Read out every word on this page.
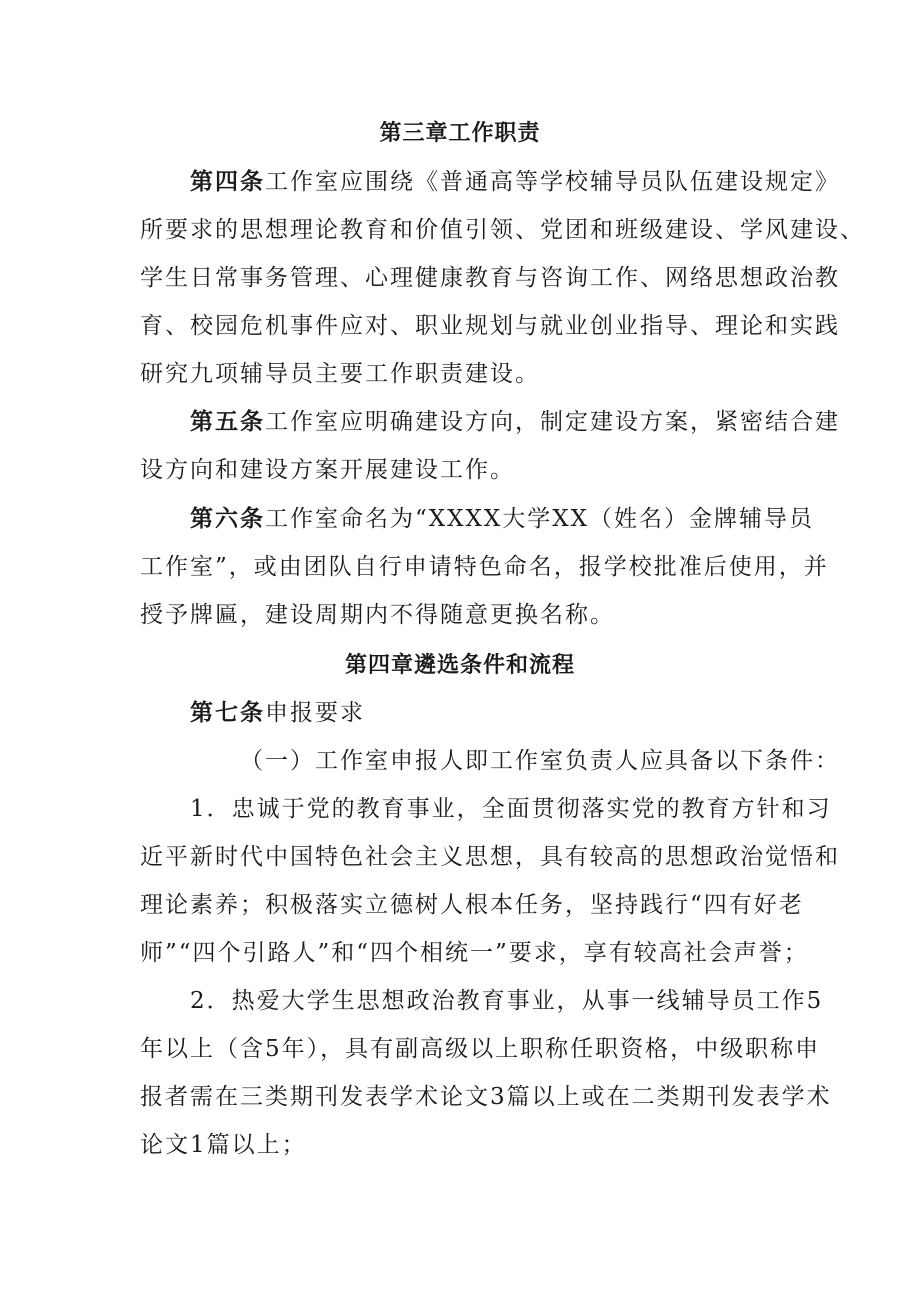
第三章工作职责
第四条工作室应围绕《普通高等学校辅导员队伍建设规定》
所要求的思想理论教育和价值引领、党团和班级建设、学风建设、
学生日常事务管理、心理健康教育与咨询工作、网络思想政治教
育、校园危机事件应对、职业规划与就业创业指导、理论和实践
研究九项辅导员主要工作职责建设。
第五条工作室应明确建设方向，制定建设方案，紧密结合建
设方向和建设方案开展建设工作。
第六条工作室命名为“XXXX大学XX（姓名）金牌辅导员
工作室”，或由团队自行申请特色命名，报学校批准后使用，并
授予牌匾，建设周期内不得随意更换名称。
第四章遴选条件和流程
第七条申报要求
（一）工作室申报人即工作室负责人应具备以下条件：
1．忠诚于党的教育事业，全面贯彻落实党的教育方针和习
近平新时代中国特色社会主义思想，具有较高的思想政治觉悟和
理论素养；积极落实立德树人根本任务，坚持践行“四有好老
师”“四个引路人”和“四个相统一”要求，享有较高社会声誉；
2．热爱大学生思想政治教育事业，从事一线辅导员工作5
年以上（含5年），具有副高级以上职称任职资格，中级职称申
报者需在三类期刊发表学术论文3篇以上或在二类期刊发表学术
论文1篇以上；
